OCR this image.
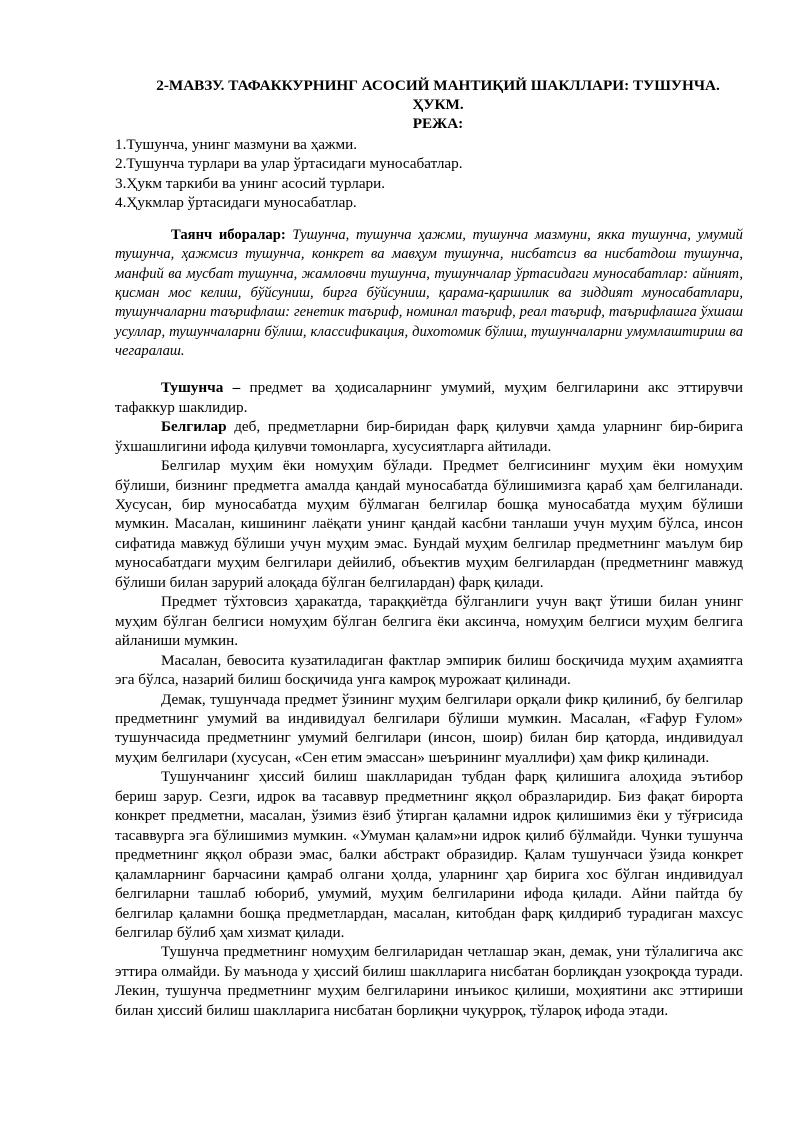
2-МАВЗУ. ТАФАККУРНИНГ АСОСИЙ МАНТИҚИЙ ШАКЛЛАРИ: ТУШУНЧА.
ҲУКМ.
РЕЖА:
1.Тушунча, унинг мазмуни ва ҳажми.
2.Тушунча турлари ва улар ўртасидаги муносабатлар.
3.Ҳукм таркиби ва унинг асосий турлари.
4.Ҳукмлар ўртасидаги муносабатлар.

Таянч иборалар: Тушунча, тушунча ҳажми, тушунча мазмуни, якка тушунча, умумий тушунча, ҳажмсиз тушунча, конкрет ва мавҳум тушунча, нисбатсиз ва нисбатдош тушунча, манфий ва мусбат тушунча, жамловчи тушунча, тушунчалар ўртасидаги муносабатлар: айният, қисман мос келиш, бўйсуниш, бирга бўйсуниш, қарама-қаршилик ва зиддият муносабатлари, тушунчаларни таърифлаш: генетик таъриф, номинал таъриф, реал таъриф, таърифлашга ўхшаш усуллар, тушунчаларни бўлиш, классификация, дихотомик бўлиш, тушунчаларни умумлаштириш ва чегаралаш.

Тушунча – предмет ва ҳодисаларнинг умумий, муҳим белгиларини акс эттирувчи тафаккур шаклидир.

Белгилар деб, предметларни бир-биридан фарқ қилувчи ҳамда уларнинг бир-бирига ўхшашлигини ифода қилувчи томонларга, хусусиятларга айтилади.

Белгилар муҳим ёки номуҳим бўлади. Предмет белгисининг муҳим ёки номуҳим бўлиши, бизнинг предметга амалда қандай муносабатда бўлишимизга қараб ҳам белгиланади. Хусусан, бир муносабатда муҳим бўлмаган белгилар бошқа муносабатда муҳим бўлиши мумкин. Масалан, кишининг лаёқати унинг қандай касбни танлаши учун муҳим бўлса, инсон сифатида мавжуд бўлиши учун муҳим эмас. Бундай муҳим белгилар предметнинг маълум бир муносабатдаги муҳим белгилари дейилиб, объектив муҳим белгилардан (предметнинг мавжуд бўлиши билан зарурий алоқада бўлган белгилардан) фарқ қилади.

Предмет тўхтовсиз ҳаракатда, тараққиётда бўлганлиги учун вақт ўтиши билан унинг муҳим бўлган белгиси номуҳим бўлган белгига ёки аксинча, номуҳим белгиси муҳим белгига айланиши мумкин.

Масалан, бевосита кузатиладиган фактлар эмпирик билиш босқичида муҳим аҳамиятга эга бўлса, назарий билиш босқичида унга камроқ мурожаат қилинади.

Демак, тушунчада предмет ўзининг муҳим белгилари орқали фикр қилиниб, бу белгилар предметнинг умумий ва индивидуал белгилари бўлиши мумкин. Масалан, «Ғафур Ғулом» тушунчасида предметнинг умумий белгилари (инсон, шоир) билан бир қаторда, индивидуал муҳим белгилари (хусусан, «Сен етим эмассан» шеърининг муаллифи) ҳам фикр қилинади.

Тушунчанинг ҳиссий билиш шаклларидан тубдан фарқ қилишига алоҳида эътибор бериш зарур. Сезги, идрок ва тасаввур предметнинг яққол образларидир. Биз фақат бирорта конкрет предметни, масалан, ўзимиз ёзиб ўтирган қаламни идрок қилишимиз ёки у тўғрисида тасаввурга эга бўлишимиз мумкин. «Умуман қалам»ни идрок қилиб бўлмайди. Чунки тушунча предметнинг яққол образи эмас, балки абстракт образидир. Қалам тушунчаси ўзида конкрет қаламларнинг барчасини қамраб олгани ҳолда, уларнинг ҳар бирига хос бўлган индивидуал белгиларни ташлаб юбориб, умумий, муҳим белгиларини ифода қилади. Айни пайтда бу белгилар қаламни бошқа предметлардан, масалан, китобдан фарқ қилдириб турадиган махсус белгилар бўлиб ҳам хизмат қилади.

Тушунча предметнинг номуҳим белгиларидан четлашар экан, демак, уни тўлалигича акс эттира олмайди. Бу маънода у ҳиссий билиш шаклларига нисбатан борлиқдан узоқроқда туради. Лекин, тушунча предметнинг муҳим белгиларини инъикос қилиши, моҳиятини акс эттириши билан ҳиссий билиш шаклларига нисбатан борлиқни чуқурроқ, тўлароқ ифода этади.
